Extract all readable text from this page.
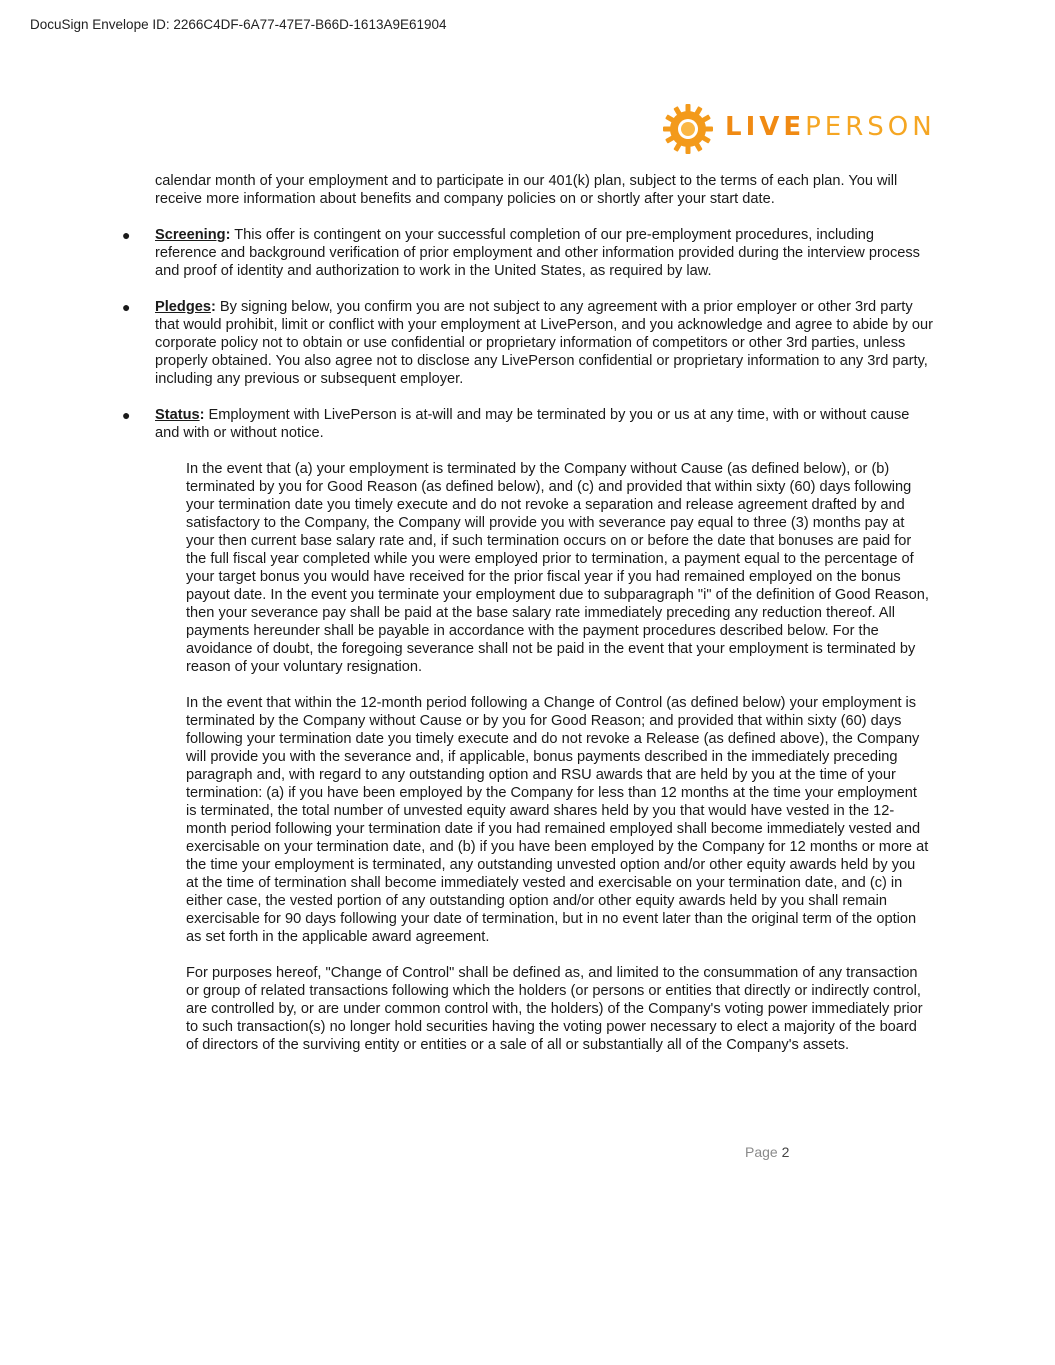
DocuSign Envelope ID: 2266C4DF-6A77-47E7-B66D-1613A9E61904
LIVEPERSON

calendar month of your employment and to participate in our 401(k) plan, subject to the terms of each plan. You will receive more information about benefits and company policies on or shortly after your start date.

● Screening: This offer is contingent on your successful completion of our pre-employment procedures, including reference and background verification of prior employment and other information provided during the interview process and proof of identity and authorization to work in the United States, as required by law.
● Pledges: By signing below, you confirm you are not subject to any agreement with a prior employer or other 3rd party that would prohibit, limit or conflict with your employment at LivePerson, and you acknowledge and agree to abide by our corporate policy not to obtain or use confidential or proprietary information of competitors or other 3rd parties, unless properly obtained. You also agree not to disclose any LivePerson confidential or proprietary information to any 3rd party, including any previous or subsequent employer.
● Status: Employment with LivePerson is at-will and may be terminated by you or us at any time, with or without cause and with or without notice.

In the event that (a) your employment is terminated by the Company without Cause (as defined below), or (b) terminated by you for Good Reason (as defined below), and (c) and provided that within sixty (60) days following your termination date you timely execute and do not revoke a separation and release agreement drafted by and satisfactory to the Company, the Company will provide you with severance pay equal to three (3) months pay at your then current base salary rate and, if such termination occurs on or before the date that bonuses are paid for the full fiscal year completed while you were employed prior to termination, a payment equal to the percentage of your target bonus you would have received for the prior fiscal year if you had remained employed on the bonus payout date. In the event you terminate your employment due to subparagraph "i" of the definition of Good Reason, then your severance pay shall be paid at the base salary rate immediately preceding any reduction thereof. All payments hereunder shall be payable in accordance with the payment procedures described below. For the avoidance of doubt, the foregoing severance shall not be paid in the event that your employment is terminated by reason of your voluntary resignation.

In the event that within the 12-month period following a Change of Control (as defined below) your employment is terminated by the Company without Cause or by you for Good Reason; and provided that within sixty (60) days following your termination date you timely execute and do not revoke a Release (as defined above), the Company will provide you with the severance and, if applicable, bonus payments described in the immediately preceding paragraph and, with regard to any outstanding option and RSU awards that are held by you at the time of your termination: (a) if you have been employed by the Company for less than 12 months at the time your employment is terminated, the total number of unvested equity award shares held by you that would have vested in the 12-month period following your termination date if you had remained employed shall become immediately vested and exercisable on your termination date, and (b) if you have been employed by the Company for 12 months or more at the time your employment is terminated, any outstanding unvested option and/or other equity awards held by you at the time of termination shall become immediately vested and exercisable on your termination date, and (c) in either case, the vested portion of any outstanding option and/or other equity awards held by you shall remain exercisable for 90 days following your date of termination, but in no event later than the original term of the option as set forth in the applicable award agreement.

For purposes hereof, "Change of Control" shall be defined as, and limited to the consummation of any transaction or group of related transactions following which the holders (or persons or entities that directly or indirectly control, are controlled by, or are under common control with, the holders) of the Company's voting power immediately prior to such transaction(s) no longer hold securities having the voting power necessary to elect a majority of the board of directors of the surviving entity or entities or a sale of all or substantially all of the Company's assets.

Page 2
